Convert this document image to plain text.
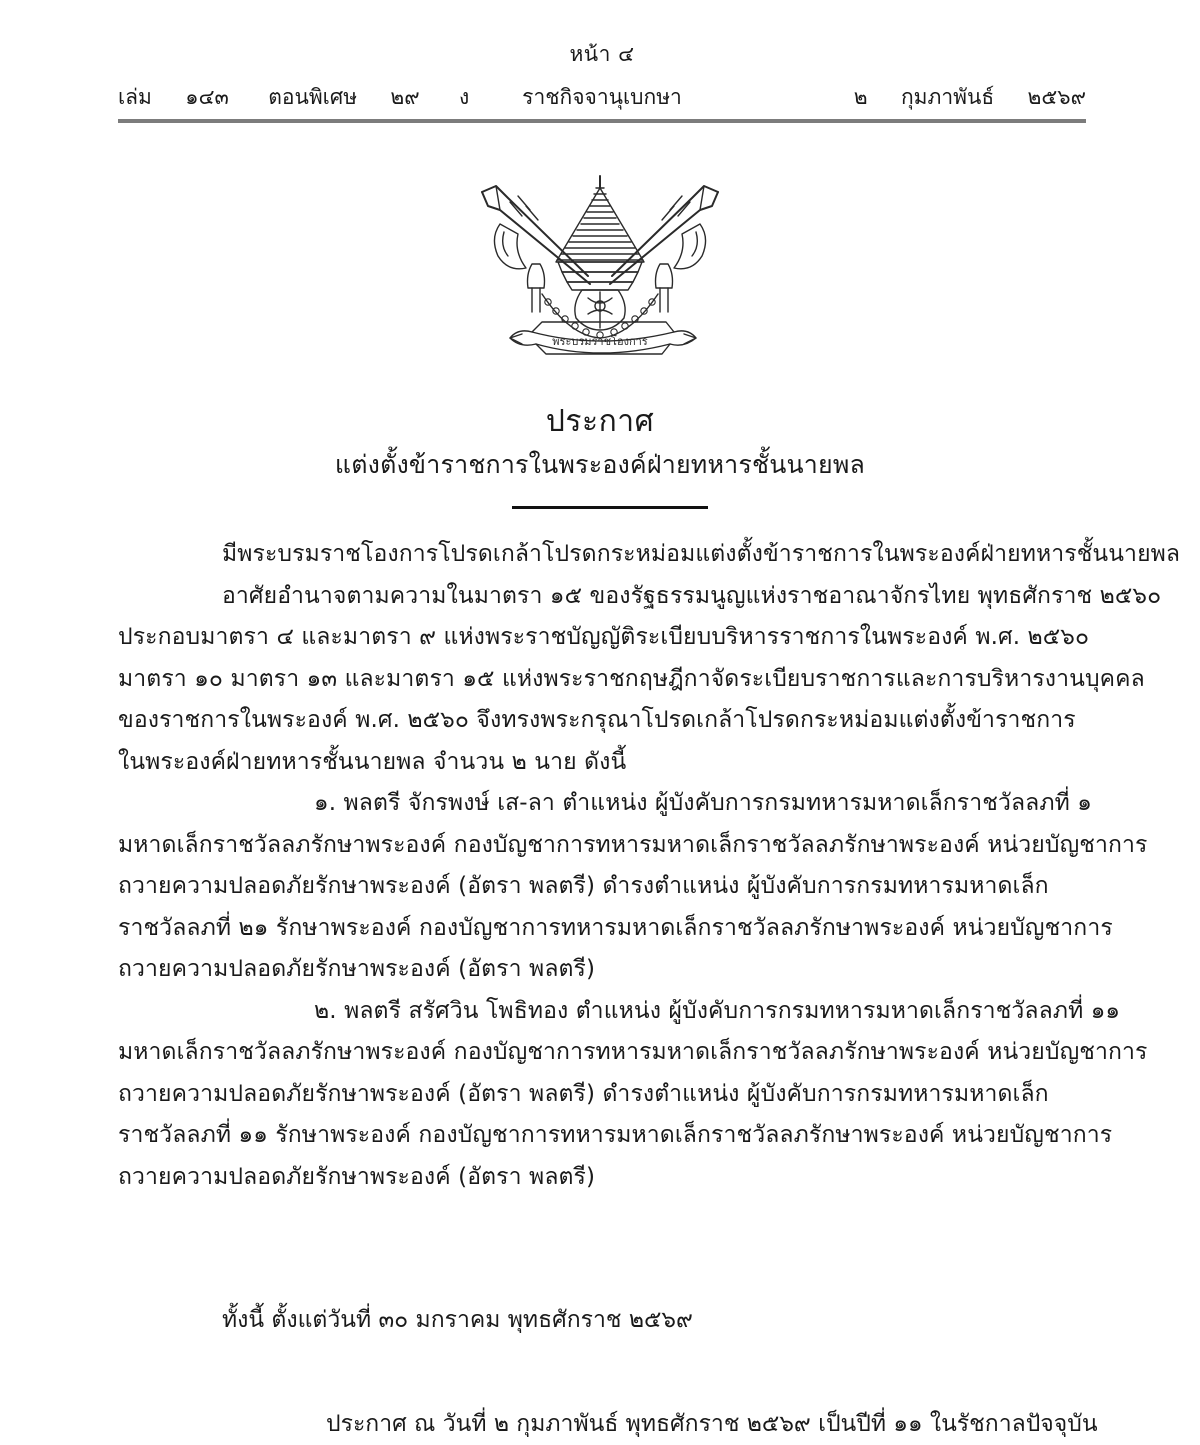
หน้า ๔
เล่ม ๑๔๓ ตอนพิเศษ ๒๙ ง	ราชกิจจานุเบกษา	๒ กุมภาพันธ์ ๒๕๖๙
พระบรมราชโองการ
ประกาศ
แต่งตั้งข้าราชการในพระองค์ฝ่ายทหารชั้นนายพล
มีพระบรมราชโองการโปรดเกล้าโปรดกระหม่อมแต่งตั้งข้าราชการในพระองค์ฝ่ายทหารชั้นนายพล
อาศัยอำนาจตามความในมาตรา ๑๕ ของรัฐธรรมนูญแห่งราชอาณาจักรไทย พุทธศักราช ๒๕๖๐
ประกอบมาตรา ๔ และมาตรา ๙ แห่งพระราชบัญญัติระเบียบบริหารราชการในพระองค์ พ.ศ. ๒๕๖๐
มาตรา ๑๐ มาตรา ๑๓ และมาตรา ๑๕ แห่งพระราชกฤษฎีกาจัดระเบียบราชการและการบริหารงานบุคคล
ของราชการในพระองค์ พ.ศ. ๒๕๖๐ จึงทรงพระกรุณาโปรดเกล้าโปรดกระหม่อมแต่งตั้งข้าราชการ
ในพระองค์ฝ่ายทหารชั้นนายพล จำนวน ๒ นาย ดังนี้
๑. พลตรี จักรพงษ์ เส-ลา ตำแหน่ง ผู้บังคับการกรมทหารมหาดเล็กราชวัลลภที่ ๑
มหาดเล็กราชวัลลภรักษาพระองค์ กองบัญชาการทหารมหาดเล็กราชวัลลภรักษาพระองค์ หน่วยบัญชาการ
ถวายความปลอดภัยรักษาพระองค์ (อัตรา พลตรี) ดำรงตำแหน่ง ผู้บังคับการกรมทหารมหาดเล็ก
ราชวัลลภที่ ๒๑ รักษาพระองค์ กองบัญชาการทหารมหาดเล็กราชวัลลภรักษาพระองค์ หน่วยบัญชาการ
ถวายความปลอดภัยรักษาพระองค์ (อัตรา พลตรี)
๒. พลตรี สรัศวิน โพธิทอง ตำแหน่ง ผู้บังคับการกรมทหารมหาดเล็กราชวัลลภที่ ๑๑
มหาดเล็กราชวัลลภรักษาพระองค์ กองบัญชาการทหารมหาดเล็กราชวัลลภรักษาพระองค์ หน่วยบัญชาการ
ถวายความปลอดภัยรักษาพระองค์ (อัตรา พลตรี) ดำรงตำแหน่ง ผู้บังคับการกรมทหารมหาดเล็ก
ราชวัลลภที่ ๑๑ รักษาพระองค์ กองบัญชาการทหารมหาดเล็กราชวัลลภรักษาพระองค์ หน่วยบัญชาการ
ถวายความปลอดภัยรักษาพระองค์ (อัตรา พลตรี)
ทั้งนี้ ตั้งแต่วันที่ ๓๐ มกราคม พุทธศักราช ๒๕๖๙
ประกาศ ณ วันที่ ๒ กุมภาพันธ์ พุทธศักราช ๒๕๖๙ เป็นปีที่ ๑๑ ในรัชกาลปัจจุบัน
